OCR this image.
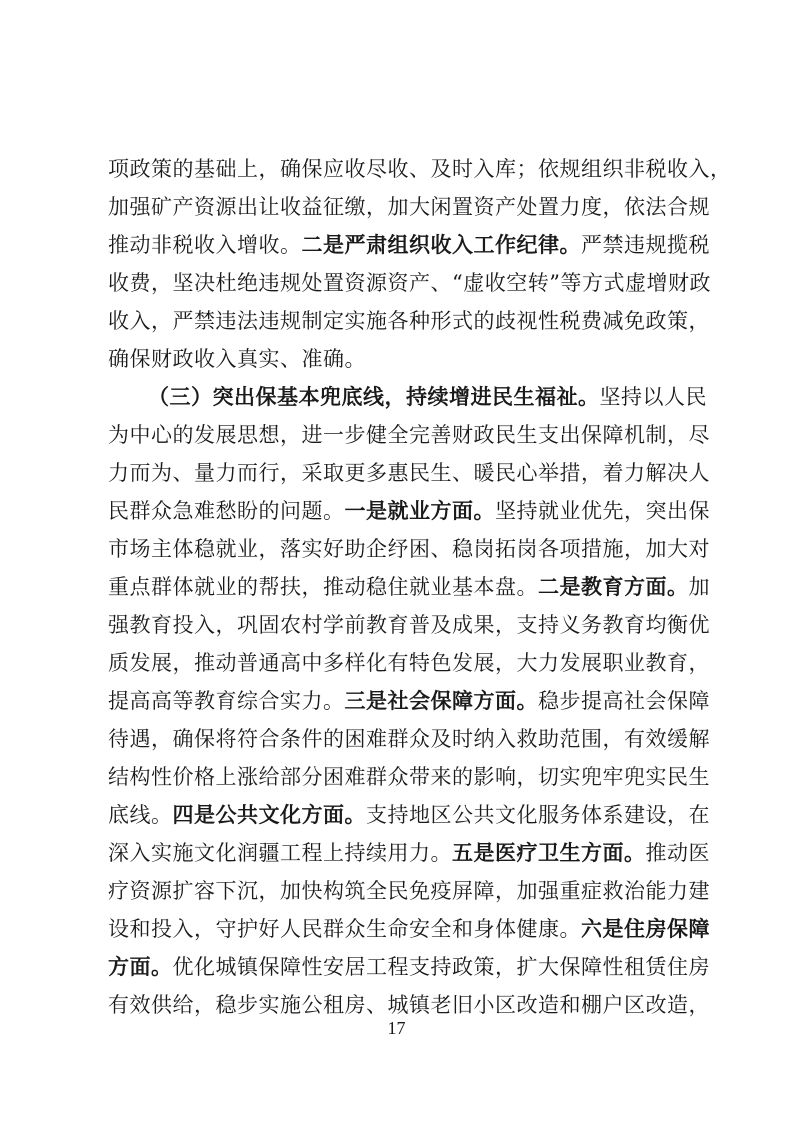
项政策的基础上，确保应收尽收、及时入库；依规组织非税收入，
加强矿产资源出让收益征缴，加大闲置资产处置力度，依法合规
推动非税收入增收。二是严肃组织收入工作纪律。严禁违规揽税
收费，坚决杜绝违规处置资源资产、“虚收空转”等方式虚增财政
收入，严禁违法违规制定实施各种形式的歧视性税费减免政策，
确保财政收入真实、准确。
（三）突出保基本兜底线，持续增进民生福祉。坚持以人民
为中心的发展思想，进一步健全完善财政民生支出保障机制，尽
力而为、量力而行，采取更多惠民生、暖民心举措，着力解决人
民群众急难愁盼的问题。一是就业方面。坚持就业优先，突出保
市场主体稳就业，落实好助企纾困、稳岗拓岗各项措施，加大对
重点群体就业的帮扶，推动稳住就业基本盘。二是教育方面。加
强教育投入，巩固农村学前教育普及成果，支持义务教育均衡优
质发展，推动普通高中多样化有特色发展，大力发展职业教育，
提高高等教育综合实力。三是社会保障方面。稳步提高社会保障
待遇，确保将符合条件的困难群众及时纳入救助范围，有效缓解
结构性价格上涨给部分困难群众带来的影响，切实兜牢兜实民生
底线。四是公共文化方面。支持地区公共文化服务体系建设，在
深入实施文化润疆工程上持续用力。五是医疗卫生方面。推动医
疗资源扩容下沉，加快构筑全民免疫屏障，加强重症救治能力建
设和投入，守护好人民群众生命安全和身体健康。六是住房保障
方面。优化城镇保障性安居工程支持政策，扩大保障性租赁住房
有效供给，稳步实施公租房、城镇老旧小区改造和棚户区改造，
17
